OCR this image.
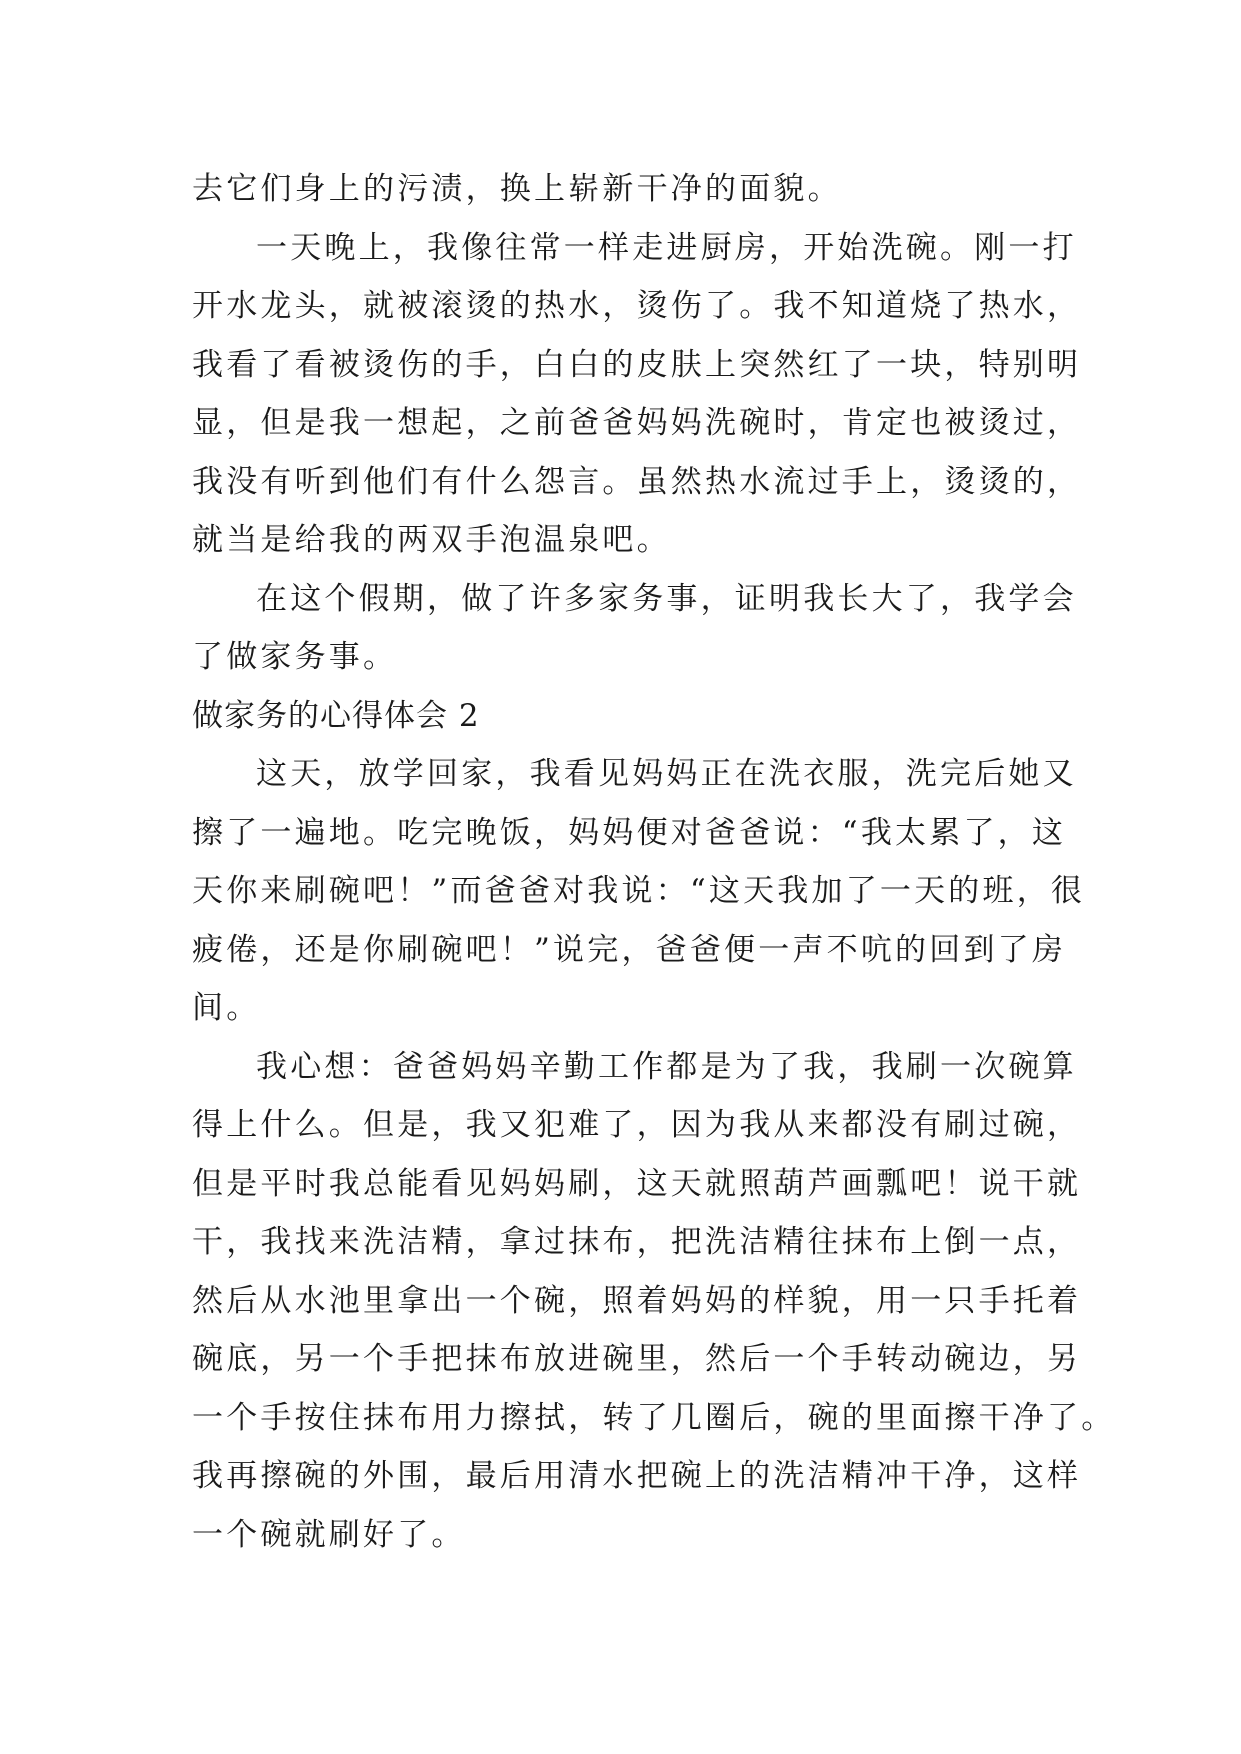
去它们身上的污渍，换上崭新干净的面貌。
一天晚上，我像往常一样走进厨房，开始洗碗。刚一打
开水龙头，就被滚烫的热水，烫伤了。我不知道烧了热水，
我看了看被烫伤的手，白白的皮肤上突然红了一块，特别明
显，但是我一想起，之前爸爸妈妈洗碗时，肯定也被烫过，
我没有听到他们有什么怨言。虽然热水流过手上，烫烫的，
就当是给我的两双手泡温泉吧。
在这个假期，做了许多家务事，证明我长大了，我学会
了做家务事。
做家务的心得体会 2
这天，放学回家，我看见妈妈正在洗衣服，洗完后她又
擦了一遍地。吃完晚饭，妈妈便对爸爸说：“我太累了，这
天你来刷碗吧！”而爸爸对我说：“这天我加了一天的班，很
疲倦，还是你刷碗吧！”说完，爸爸便一声不吭的回到了房
间。
我心想：爸爸妈妈辛勤工作都是为了我，我刷一次碗算
得上什么。但是，我又犯难了，因为我从来都没有刷过碗，
但是平时我总能看见妈妈刷，这天就照葫芦画瓢吧！说干就
干，我找来洗洁精，拿过抹布，把洗洁精往抹布上倒一点，
然后从水池里拿出一个碗，照着妈妈的样貌，用一只手托着
碗底，另一个手把抹布放进碗里，然后一个手转动碗边，另
一个手按住抹布用力擦拭，转了几圈后，碗的里面擦干净了。
我再擦碗的外围，最后用清水把碗上的洗洁精冲干净，这样
一个碗就刷好了。
